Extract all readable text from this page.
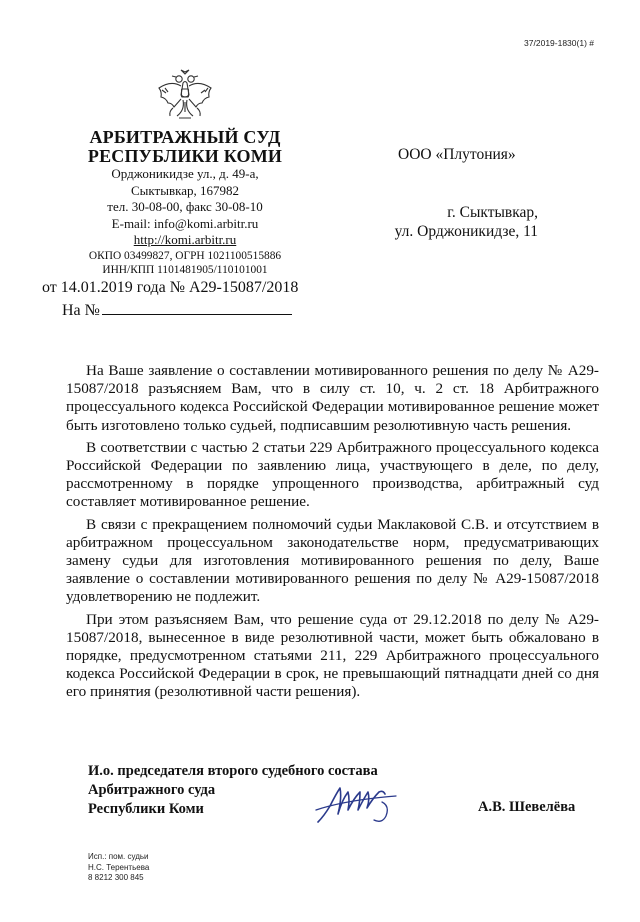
37/2019-1830(1) #
АРБИТРАЖНЫЙ СУД
РЕСПУБЛИКИ КОМИ
Орджоникидзе ул., д. 49-а,
Сыктывкар, 167982
тел. 30-08-00, факс 30-08-10
E-mail: info@komi.arbitr.ru
http://komi.arbitr.ru
ОКПО 03499827, ОГРН 1021100515886
ИНН/КПП 1101481905/110101001
от 14.01.2019 года № А29-15087/2018
На №
ООО «Плутония»
г. Сыктывкар,
ул. Орджоникидзе, 11

На Ваше заявление о составлении мотивированного решения по делу № А29-15087/2018 разъясняем Вам, что в силу ст. 10, ч. 2 ст. 18 Арбитражного процессуального кодекса Российской Федерации мотивированное решение может быть изготовлено только судьей, подписавшим резолютивную часть решения.

В соответствии с частью 2 статьи 229 Арбитражного процессуального кодекса Российской Федерации по заявлению лица, участвующего в деле, по делу, рассмотренному в порядке упрощенного производства, арбитражный суд составляет мотивированное решение.

В связи с прекращением полномочий судьи Маклаковой С.В. и отсутствием в арбитражном процессуальном законодательстве норм, предусматривающих замену судьи для изготовления мотивированного решения по делу, Ваше заявление о составлении мотивированного решения по делу № А29-15087/2018 удовлетворению не подлежит.

При этом разъясняем Вам, что решение суда от 29.12.2018 по делу № А29-15087/2018, вынесенное в виде резолютивной части, может быть обжаловано в порядке, предусмотренном статьями 211, 229 Арбитражного процессуального кодекса Российской Федерации в срок, не превышающий пятнадцати дней со дня его принятия (резолютивной части решения).

И.о. председателя второго судебного состава
Арбитражного суда
Республики Коми	А.В. Шевелёва
Исп.: пом. судьи
Н.С. Терентьева
8 8212 300 845
